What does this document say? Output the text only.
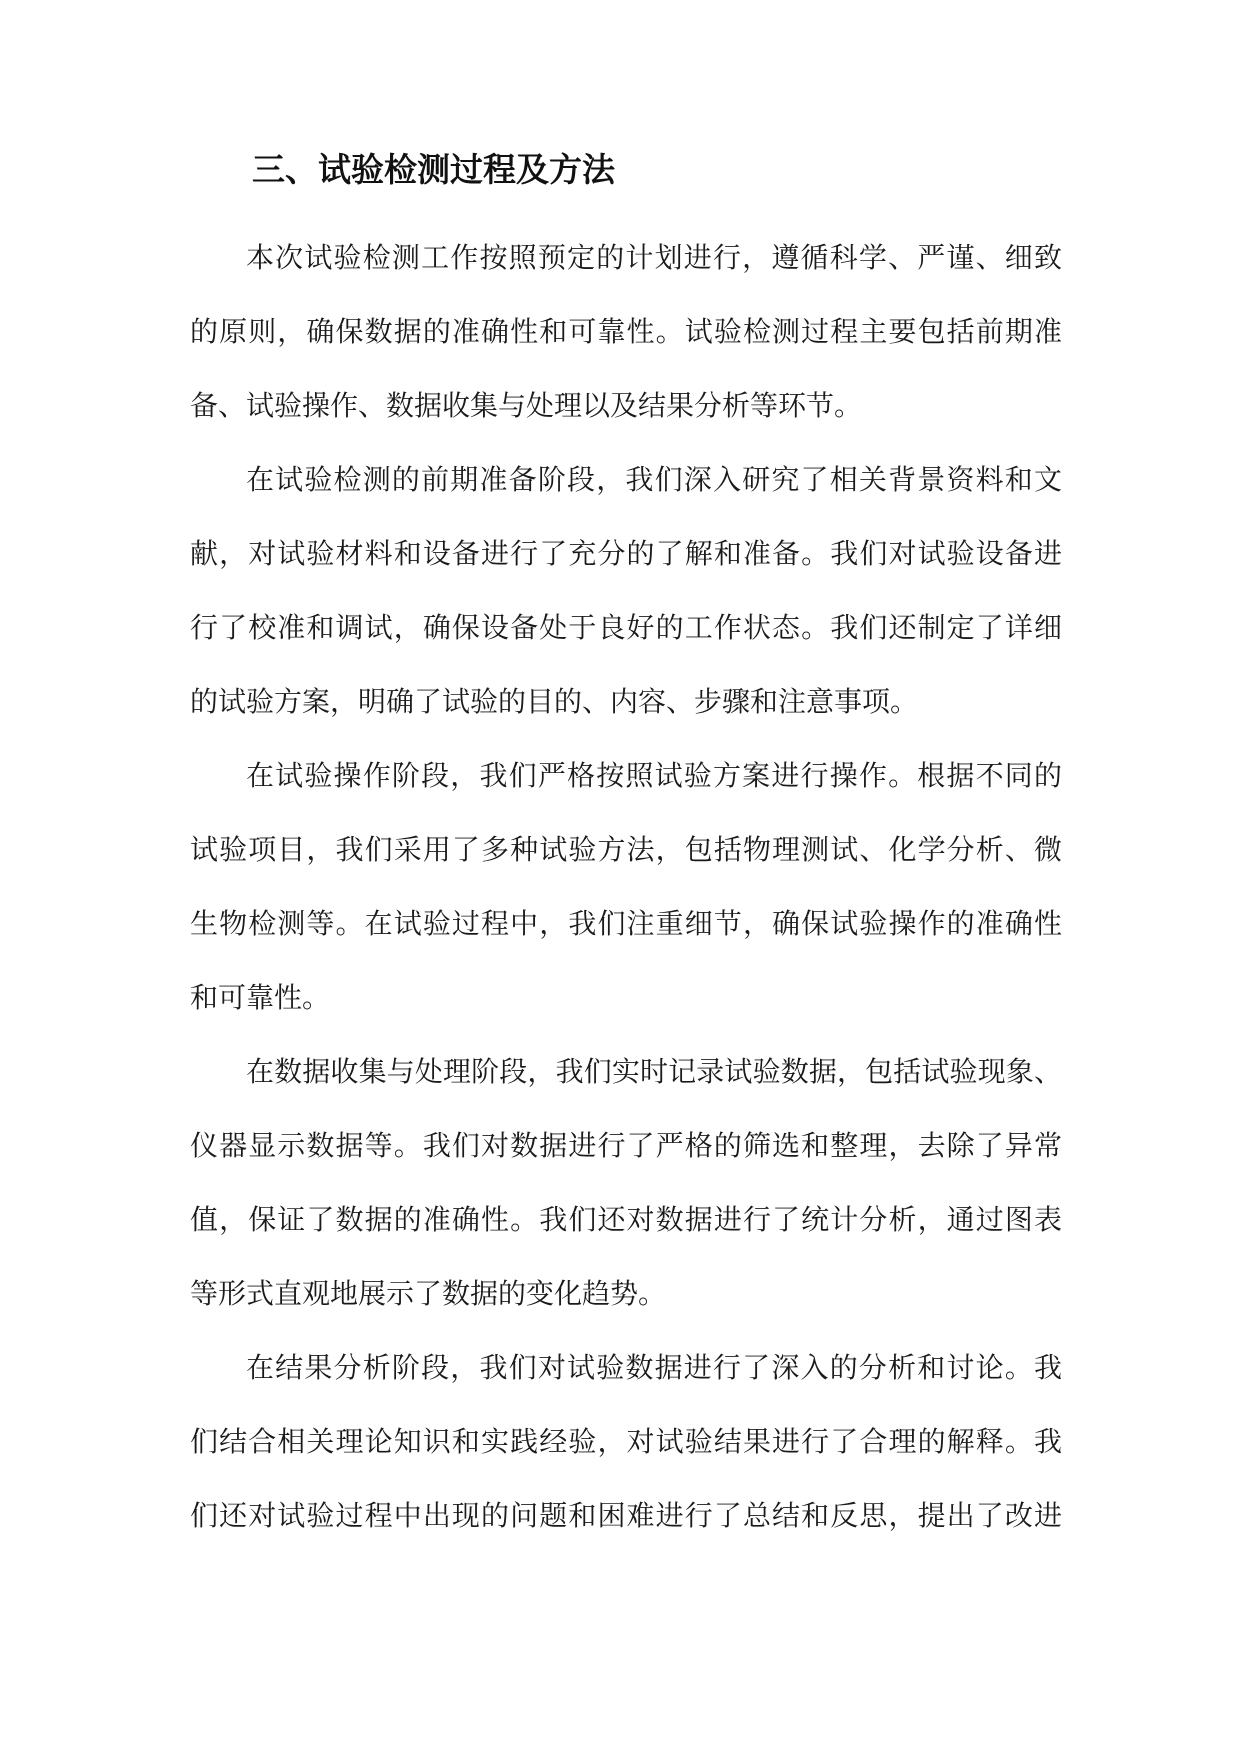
三、试验检测过程及方法

本次试验检测工作按照预定的计划进行，遵循科学、严谨、细致

的原则，确保数据的准确性和可靠性。试验检测过程主要包括前期准

备、试验操作、数据收集与处理以及结果分析等环节。

在试验检测的前期准备阶段，我们深入研究了相关背景资料和文

献，对试验材料和设备进行了充分的了解和准备。我们对试验设备进

行了校准和调试，确保设备处于良好的工作状态。我们还制定了详细

的试验方案，明确了试验的目的、内容、步骤和注意事项。

在试验操作阶段，我们严格按照试验方案进行操作。根据不同的

试验项目，我们采用了多种试验方法，包括物理测试、化学分析、微

生物检测等。在试验过程中，我们注重细节，确保试验操作的准确性

和可靠性。

在数据收集与处理阶段，我们实时记录试验数据，包括试验现象、

仪器显示数据等。我们对数据进行了严格的筛选和整理，去除了异常

值，保证了数据的准确性。我们还对数据进行了统计分析，通过图表

等形式直观地展示了数据的变化趋势。

在结果分析阶段，我们对试验数据进行了深入的分析和讨论。我

们结合相关理论知识和实践经验，对试验结果进行了合理的解释。我

们还对试验过程中出现的问题和困难进行了总结和反思，提出了改进
